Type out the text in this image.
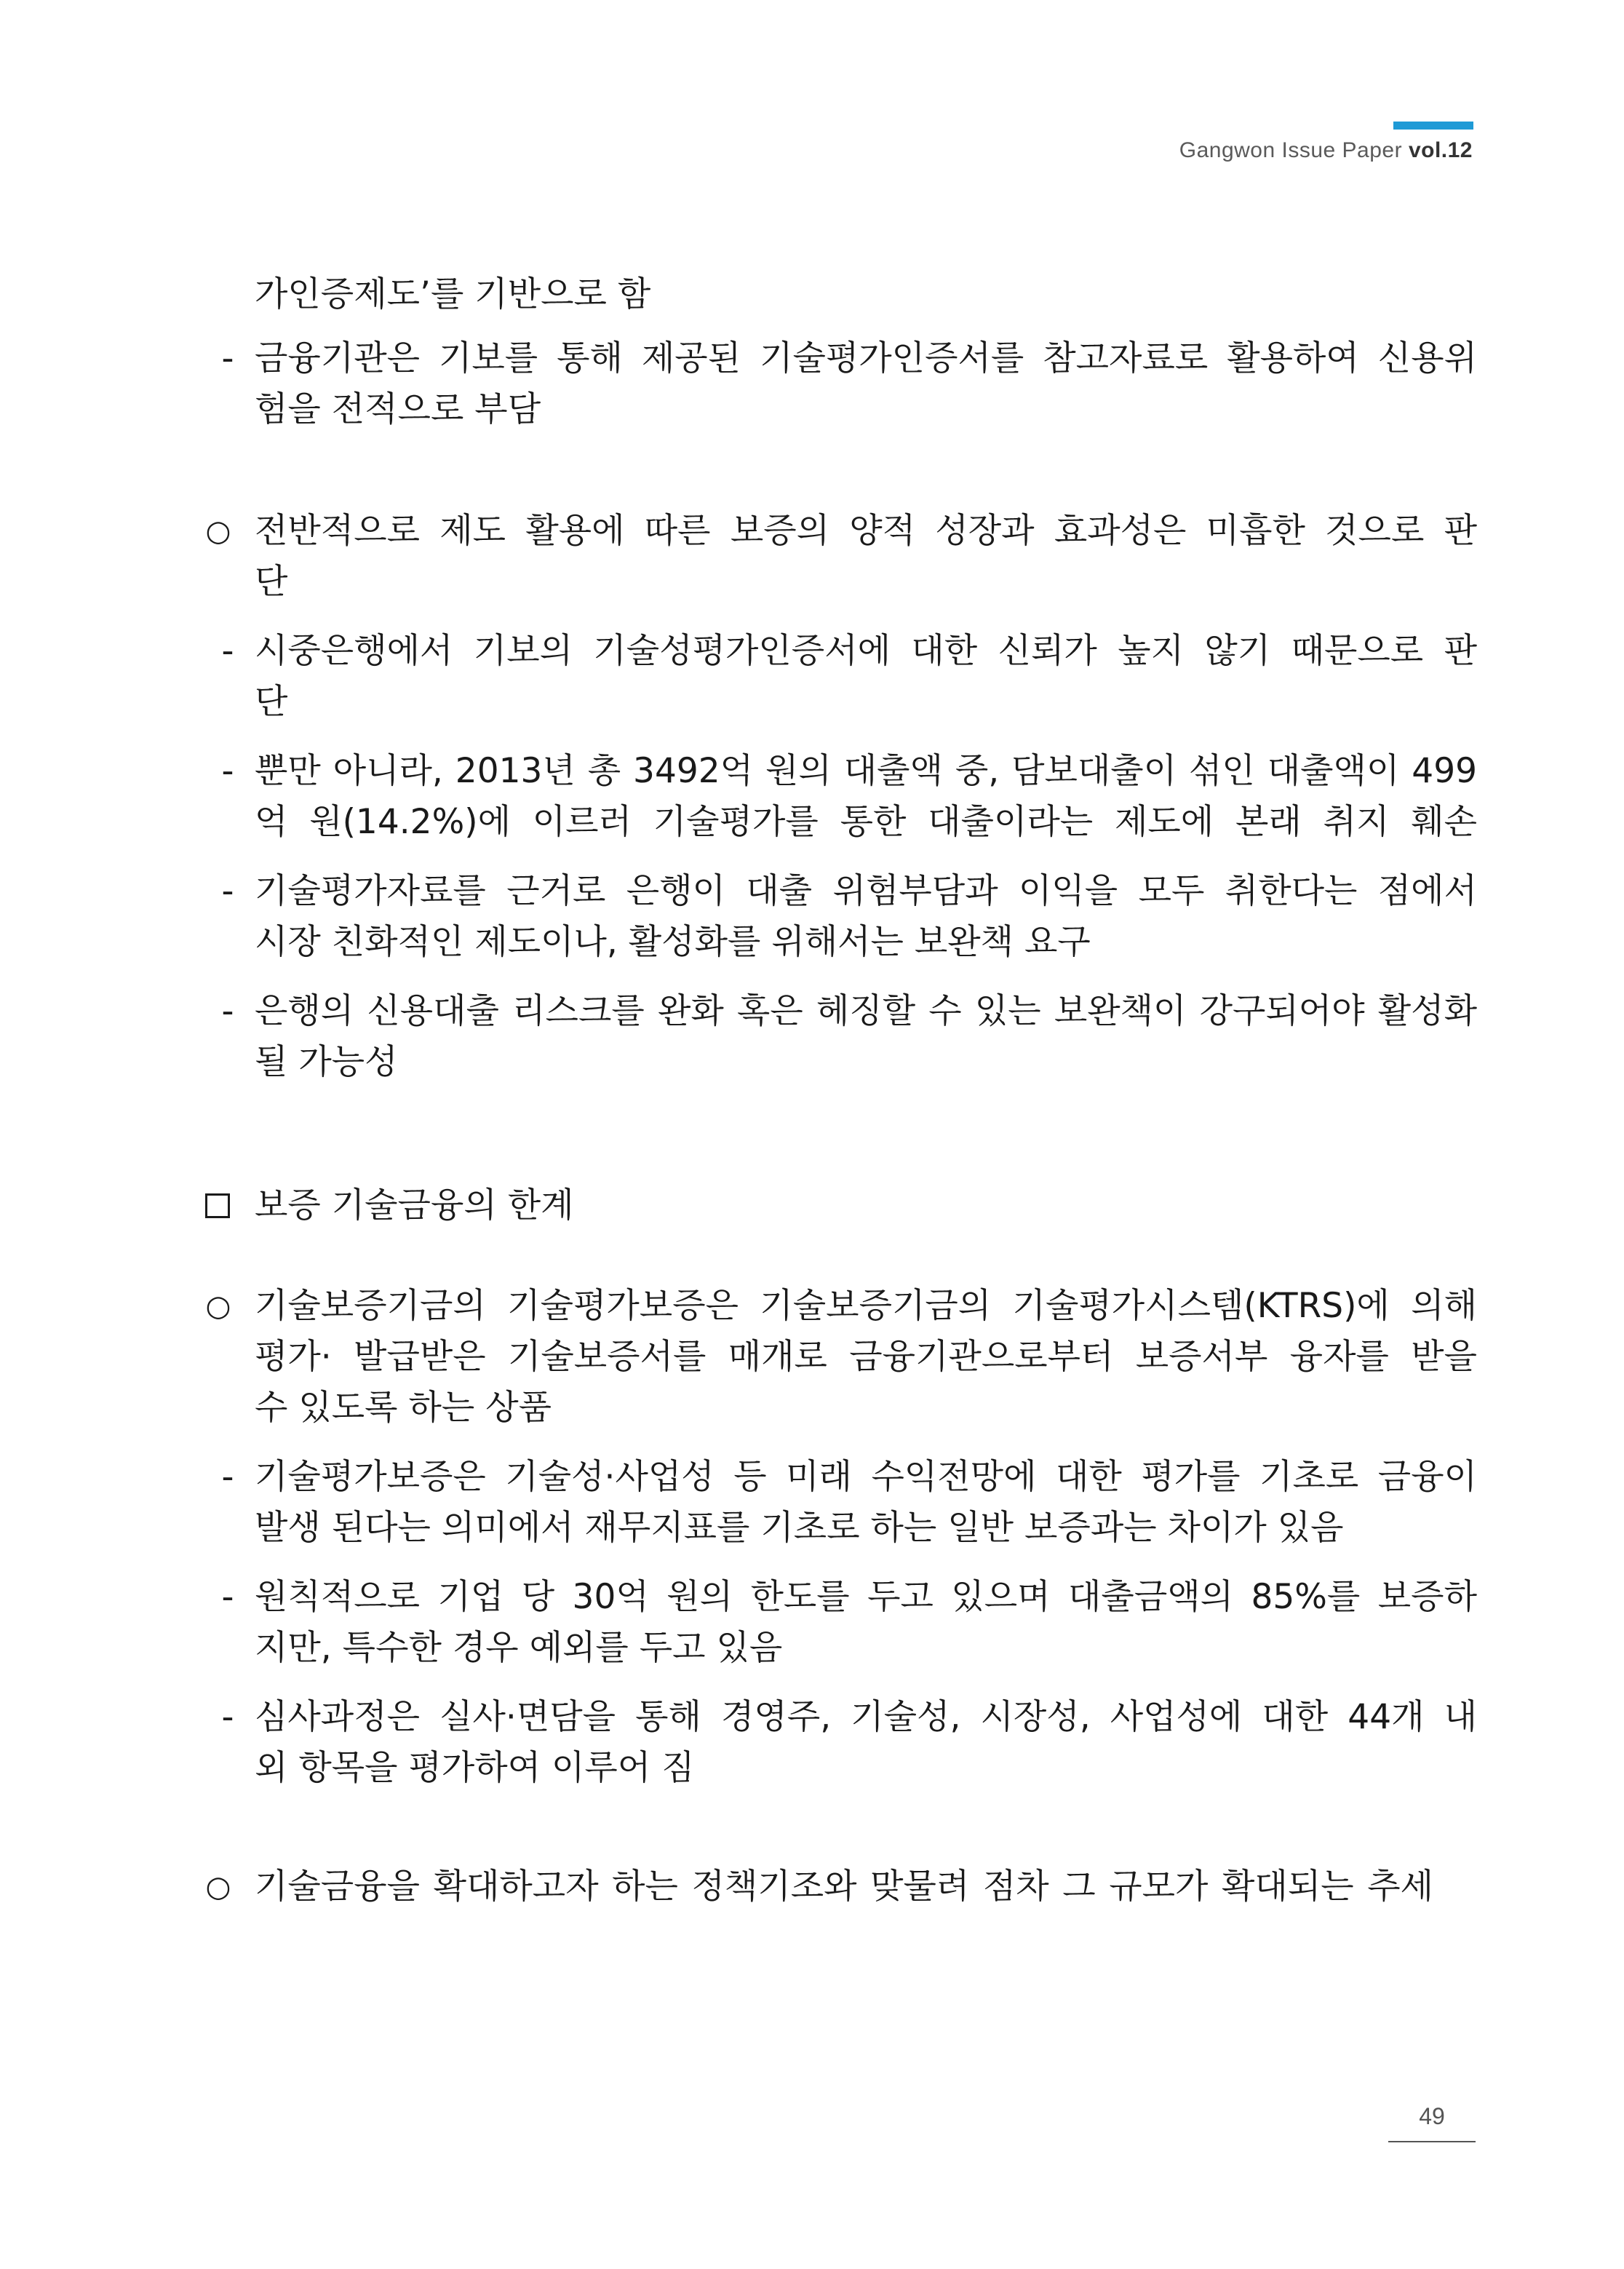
Gangwon Issue Paper vol.12
가인증제도’를 기반으로 함
- 금융기관은 기보를 통해 제공된 기술평가인증서를 참고자료로 활용하여 신용위
험을 전적으로 부담
○ 전반적으로 제도 활용에 따른 보증의 양적 성장과 효과성은 미흡한 것으로 판
단
- 시중은행에서 기보의 기술성평가인증서에 대한 신뢰가 높지 않기 때문으로 판
단
- 뿐만 아니라, 2013년 총 3492억 원의 대출액 중, 담보대출이 섞인 대출액이 499
억 원(14.2%)에 이르러 기술평가를 통한 대출이라는 제도에 본래 취지 훼손
- 기술평가자료를 근거로 은행이 대출 위험부담과 이익을 모두 취한다는 점에서
시장 친화적인 제도이나, 활성화를 위해서는 보완책 요구
- 은행의 신용대출 리스크를 완화 혹은 헤징할 수 있는 보완책이 강구되어야 활성화
될 가능성
보증 기술금융의 한계
○ 기술보증기금의 기술평가보증은 기술보증기금의 기술평가시스템(KTRS)에 의해
평가· 발급받은 기술보증서를 매개로 금융기관으로부터 보증서부 융자를 받을
수 있도록 하는 상품
- 기술평가보증은 기술성·사업성 등 미래 수익전망에 대한 평가를 기초로 금융이
발생 된다는 의미에서 재무지표를 기초로 하는 일반 보증과는 차이가 있음
- 원칙적으로 기업 당 30억 원의 한도를 두고 있으며 대출금액의 85%를 보증하
지만, 특수한 경우 예외를 두고 있음
- 심사과정은 실사·면담을 통해 경영주, 기술성, 시장성, 사업성에 대한 44개 내
외 항목을 평가하여 이루어 짐
○ 기술금융을 확대하고자 하는 정책기조와 맞물려 점차 그 규모가 확대되는 추세
49
